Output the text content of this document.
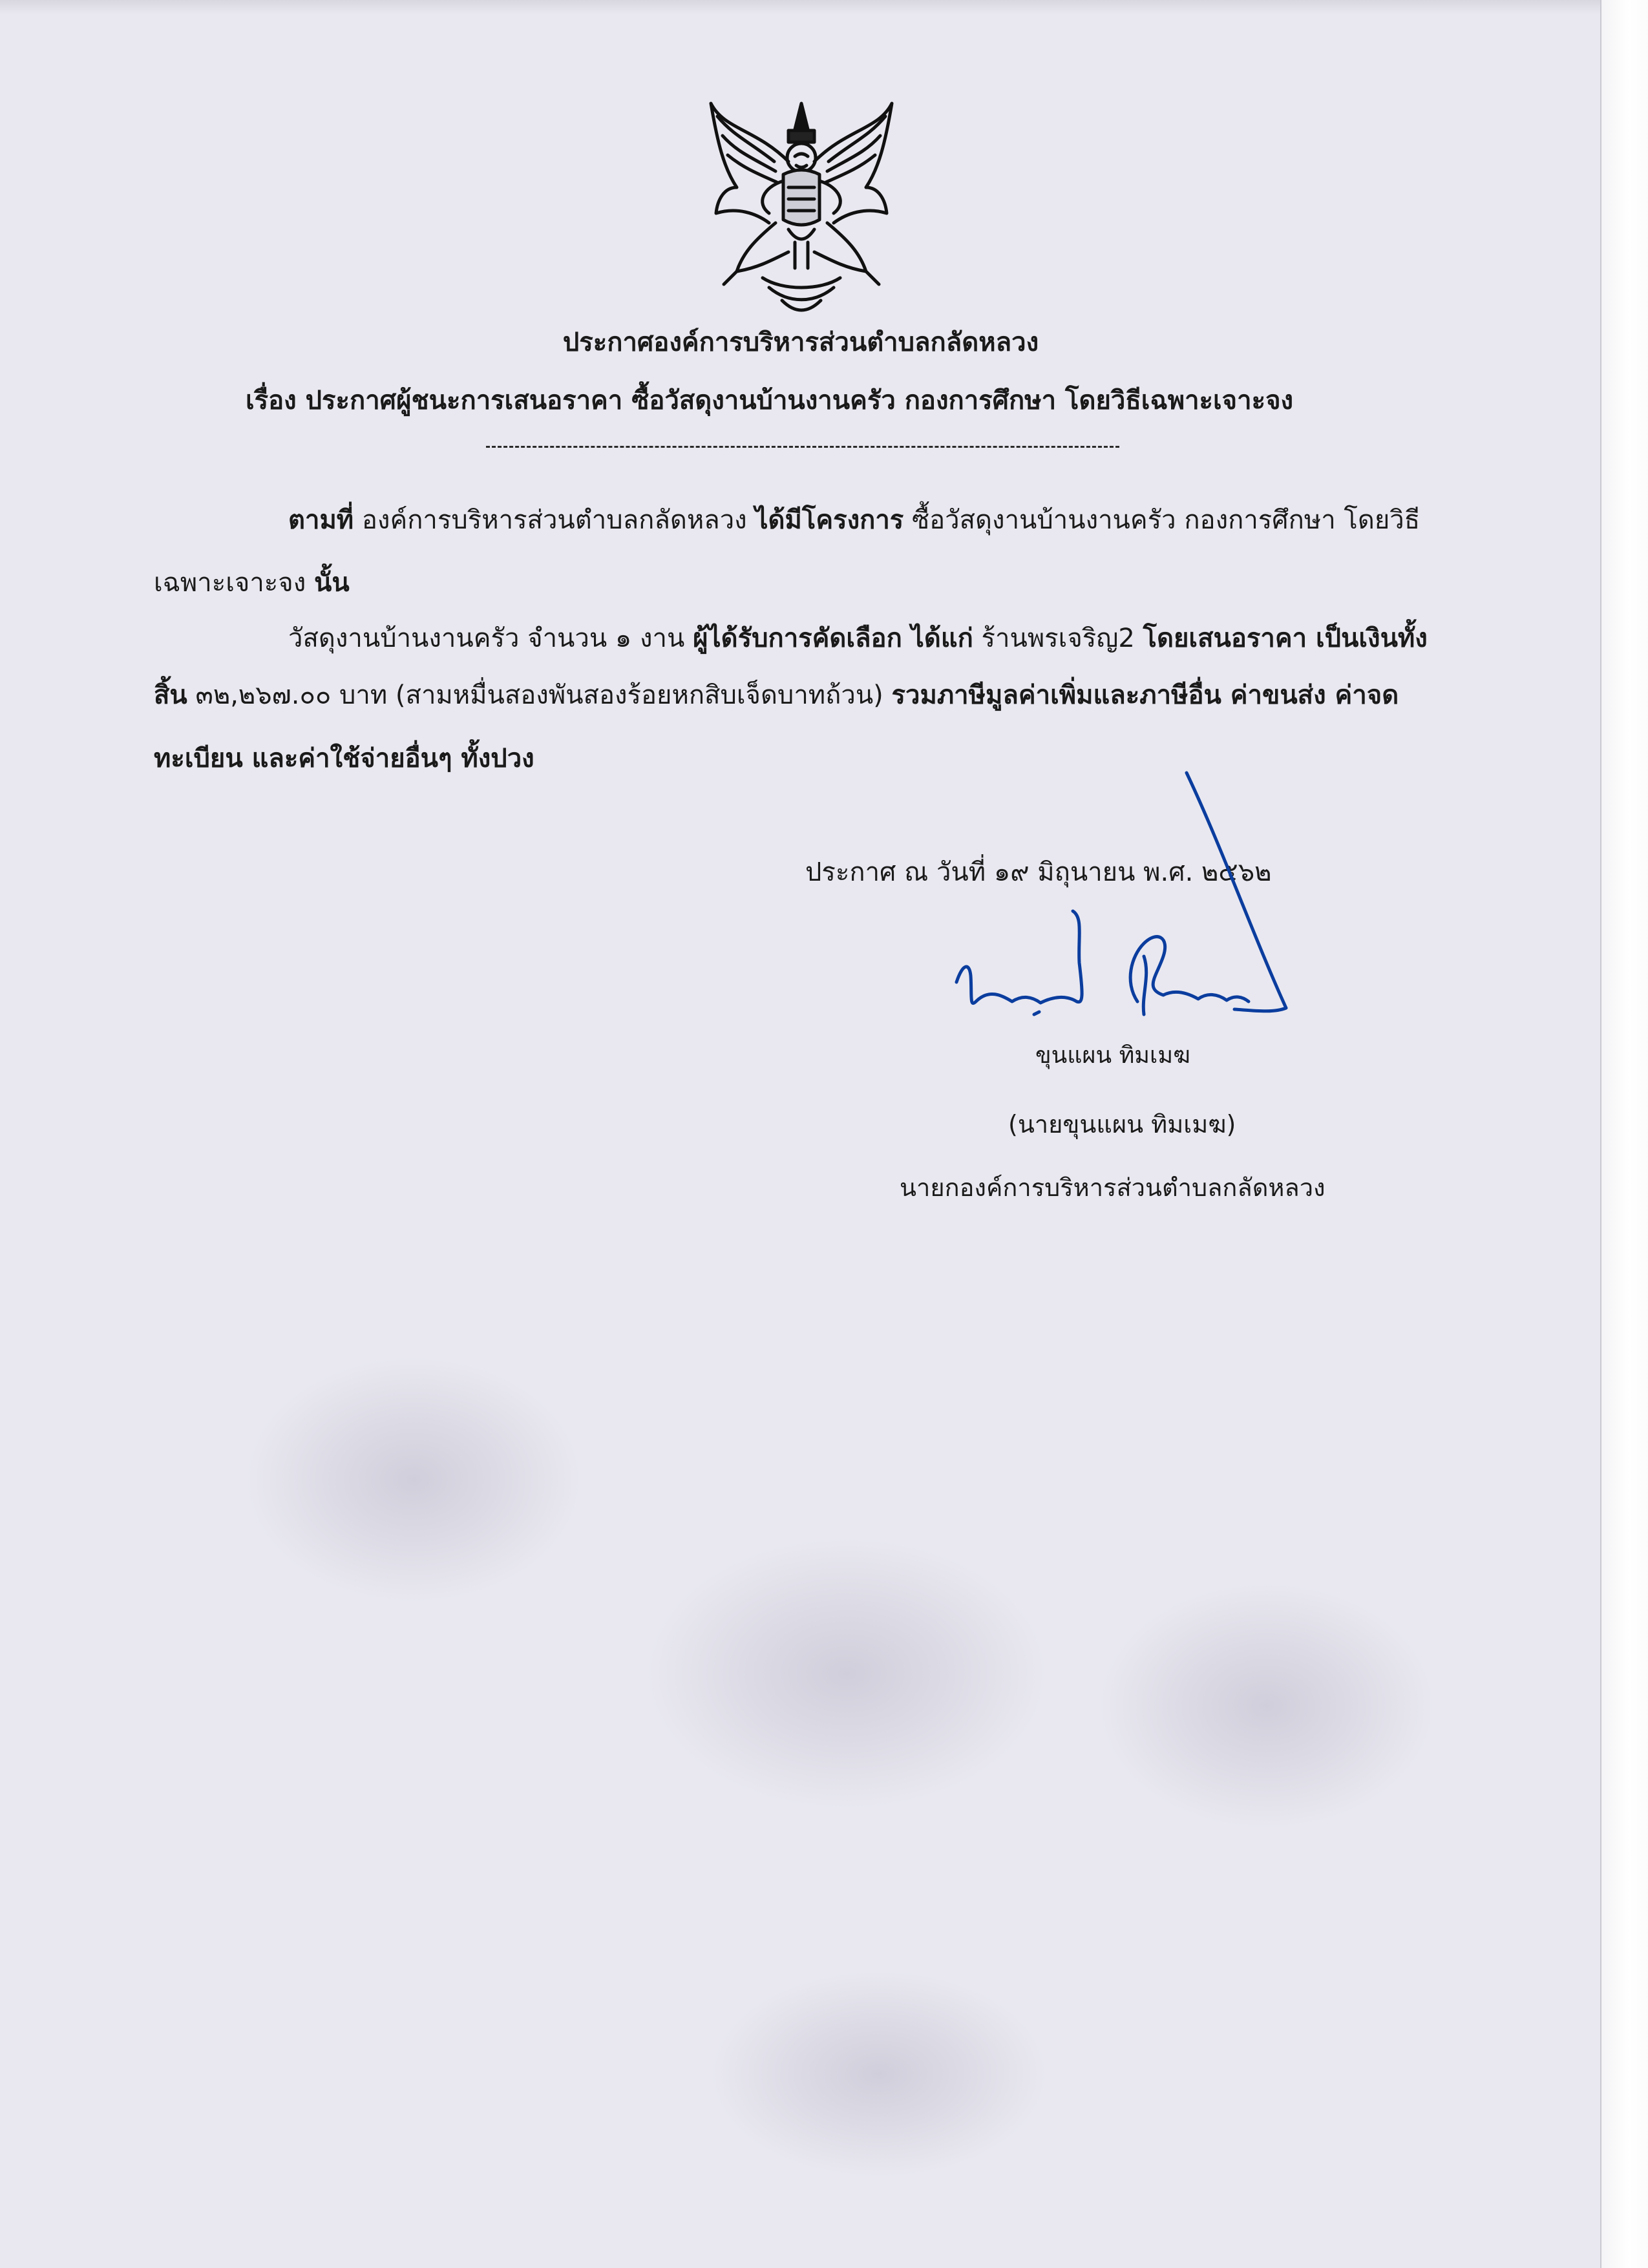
ประกาศองค์การบริหารส่วนตำบลกลัดหลวง
เรื่อง ประกาศผู้ชนะการเสนอราคา ซื้อวัสดุงานบ้านงานครัว กองการศึกษา โดยวิธีเฉพาะเจาะจง
ตามที่ องค์การบริหารส่วนตำบลกลัดหลวง ได้มีโครงการ ซื้อวัสดุงานบ้านงานครัว กองการศึกษา โดยวิธี
เฉพาะเจาะจง นั้น
วัสดุงานบ้านงานครัว จำนวน ๑ งาน ผู้ได้รับการคัดเลือก ได้แก่ ร้านพรเจริญ2 โดยเสนอราคา เป็นเงินทั้ง
สิ้น ๓๒,๒๖๗.๐๐ บาท (สามหมื่นสองพันสองร้อยหกสิบเจ็ดบาทถ้วน) รวมภาษีมูลค่าเพิ่มและภาษีอื่น ค่าขนส่ง ค่าจด
ทะเบียน และค่าใช้จ่ายอื่นๆ ทั้งปวง
ประกาศ ณ วันที่ ๑๙ มิถุนายน พ.ศ. ๒๕๖๒
ขุนแผน ทิมเมฆ
(นายขุนแผน ทิมเมฆ)
นายกองค์การบริหารส่วนตำบลกลัดหลวง
